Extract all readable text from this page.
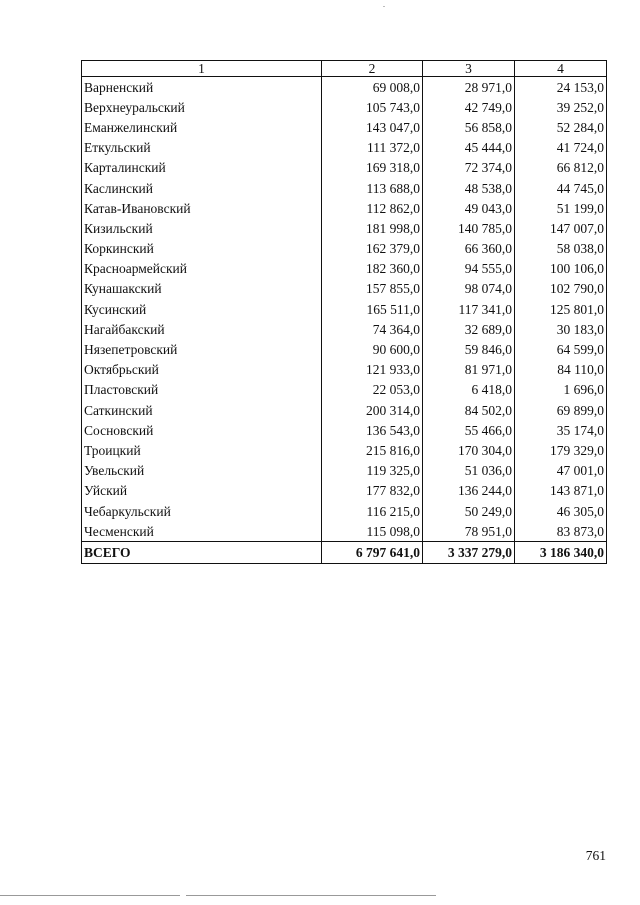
1	2	3	4
Варненский	69 008,0	28 971,0	24 153,0
Верхнеуральский	105 743,0	42 749,0	39 252,0
Еманжелинский	143 047,0	56 858,0	52 284,0
Еткульский	111 372,0	45 444,0	41 724,0
Карталинский	169 318,0	72 374,0	66 812,0
Каслинский	113 688,0	48 538,0	44 745,0
Катав-Ивановский	112 862,0	49 043,0	51 199,0
Кизильский	181 998,0	140 785,0	147 007,0
Коркинский	162 379,0	66 360,0	58 038,0
Красноармейский	182 360,0	94 555,0	100 106,0
Кунашакский	157 855,0	98 074,0	102 790,0
Кусинский	165 511,0	117 341,0	125 801,0
Нагайбакский	74 364,0	32 689,0	30 183,0
Нязепетровский	90 600,0	59 846,0	64 599,0
Октябрьский	121 933,0	81 971,0	84 110,0
Пластовский	22 053,0	6 418,0	1 696,0
Саткинский	200 314,0	84 502,0	69 899,0
Сосновский	136 543,0	55 466,0	35 174,0
Троицкий	215 816,0	170 304,0	179 329,0
Увельский	119 325,0	51 036,0	47 001,0
Уйский	177 832,0	136 244,0	143 871,0
Чебаркульский	116 215,0	50 249,0	46 305,0
Чесменский	115 098,0	78 951,0	83 873,0
ВСЕГО	6 797 641,0	3 337 279,0	3 186 340,0
761
